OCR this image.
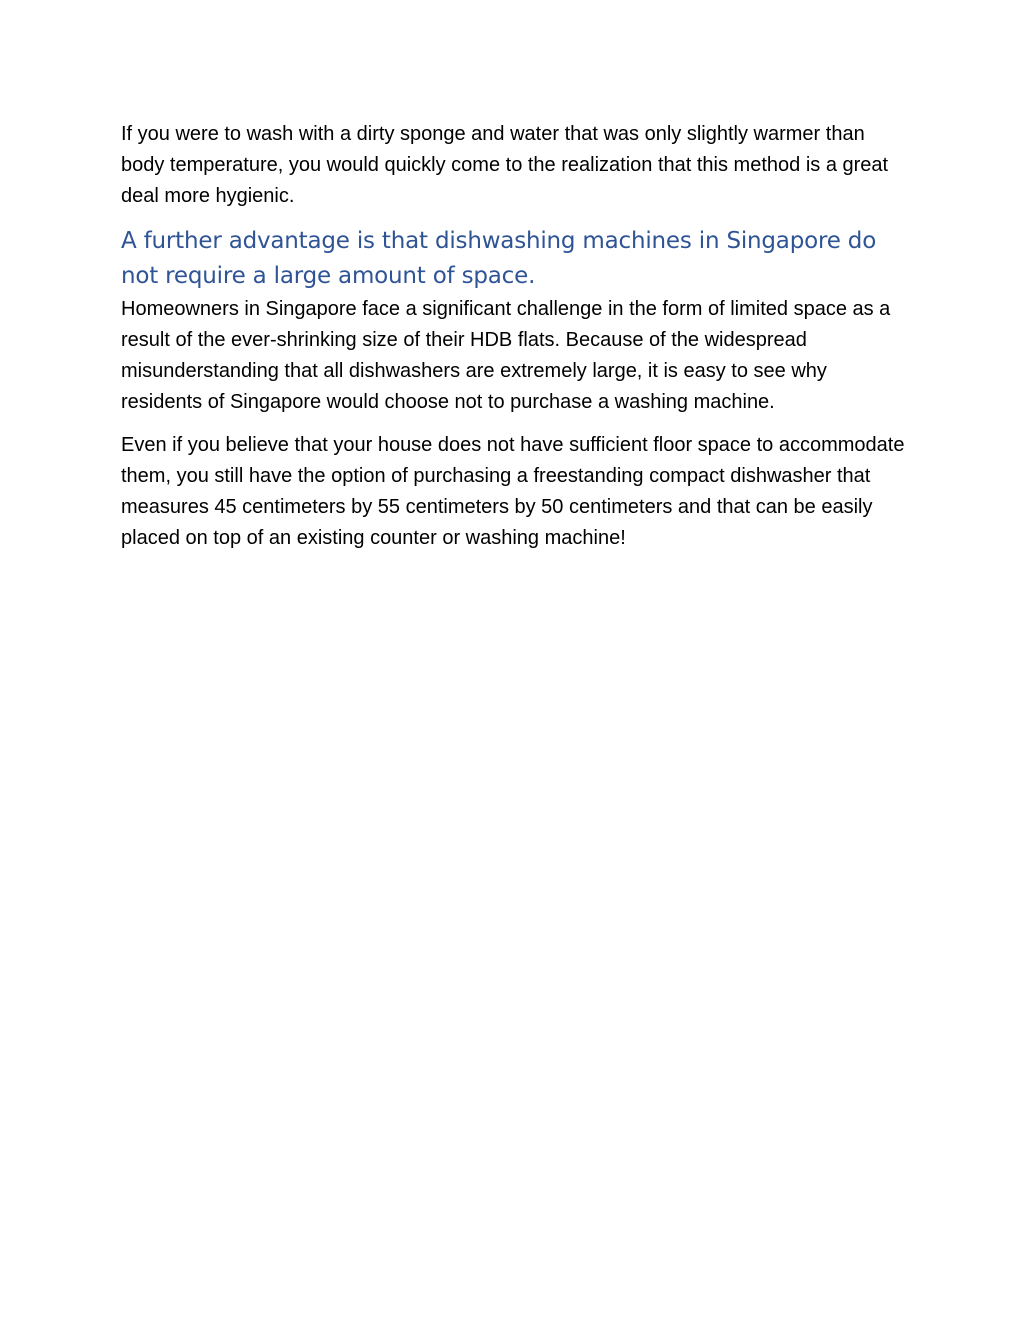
If you were to wash with a dirty sponge and water that was only slightly warmer than body temperature, you would quickly come to the realization that this method is a great deal more hygienic.

A further advantage is that dishwashing machines in Singapore do not require a large amount of space.

Homeowners in Singapore face a significant challenge in the form of limited space as a result of the ever-shrinking size of their HDB flats. Because of the widespread misunderstanding that all dishwashers are extremely large, it is easy to see why residents of Singapore would choose not to purchase a washing machine.

Even if you believe that your house does not have sufficient floor space to accommodate them, you still have the option of purchasing a freestanding compact dishwasher that measures 45 centimeters by 55 centimeters by 50 centimeters and that can be easily placed on top of an existing counter or washing machine!
